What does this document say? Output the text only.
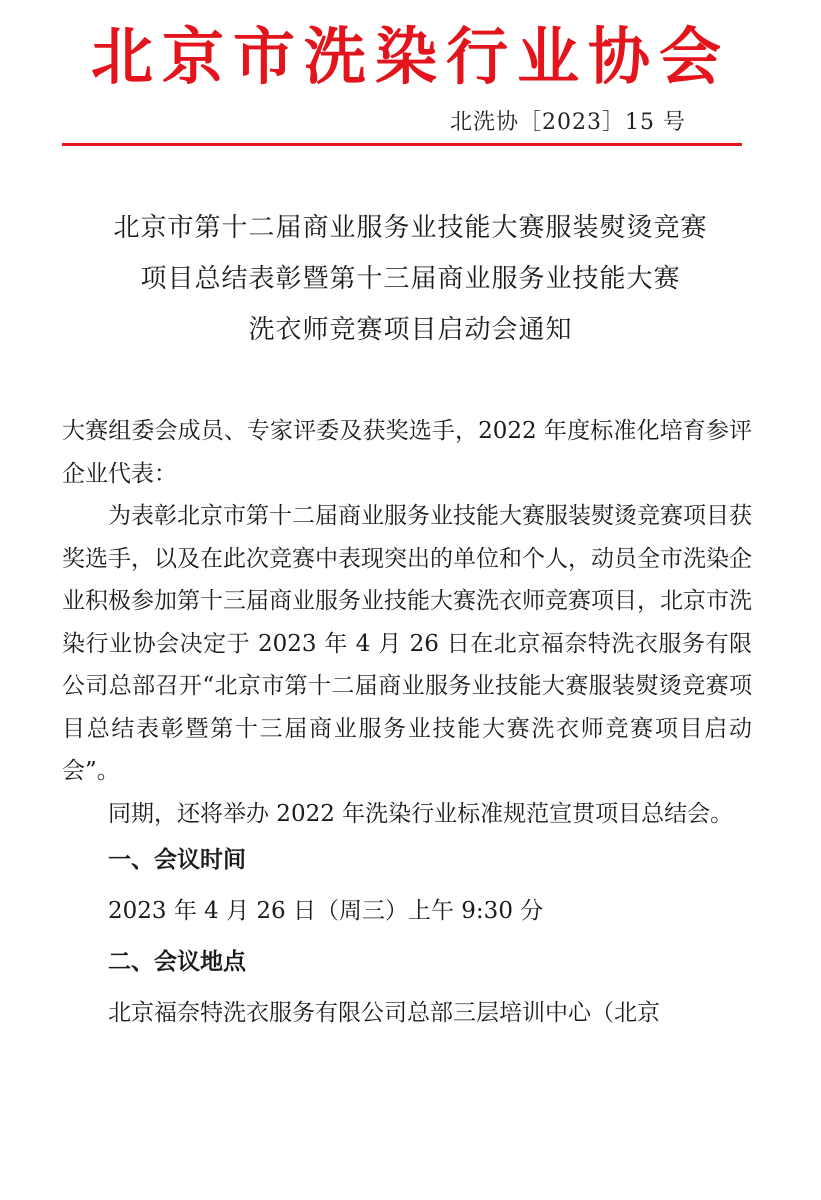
北京市洗染行业协会
北洗协［2023］15 号
北京市第十二届商业服务业技能大赛服装熨烫竞赛
项目总结表彰暨第十三届商业服务业技能大赛
洗衣师竞赛项目启动会通知

大赛组委会成员、专家评委及获奖选手，2022 年度标准化培育参评企业代表：

为表彰北京市第十二届商业服务业技能大赛服装熨烫竞赛项目获奖选手，以及在此次竞赛中表现突出的单位和个人，动员全市洗染企业积极参加第十三届商业服务业技能大赛洗衣师竞赛项目，北京市洗染行业协会决定于 2023 年 4 月 26 日在北京福奈特洗衣服务有限公司总部召开“北京市第十二届商业服务业技能大赛服装熨烫竞赛项目总结表彰暨第十三届商业服务业技能大赛洗衣师竞赛项目启动会”。

同期，还将举办 2022 年洗染行业标准规范宣贯项目总结会。

一、会议时间

2023 年 4 月 26 日（周三）上午 9:30 分

二、会议地点

北京福奈特洗衣服务有限公司总部三层培训中心（北京
